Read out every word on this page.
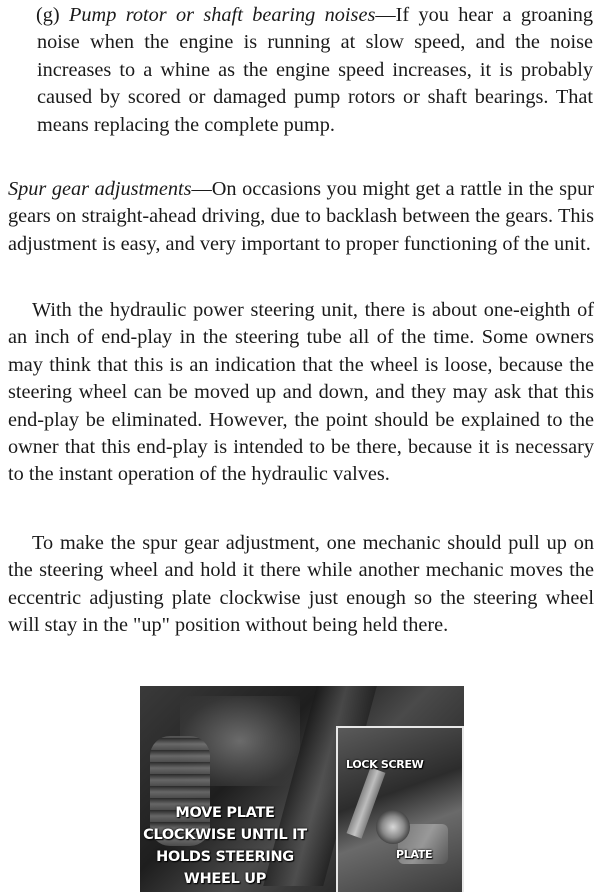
(g) Pump rotor or shaft bearing noises—If you hear a groaning noise when the engine is running at slow speed, and the noise increases to a whine as the engine speed increases, it is probably caused by scored or damaged pump rotors or shaft bearings. That means replacing the complete pump.

Spur gear adjustments—On occasions you might get a rattle in the spur gears on straight-ahead driving, due to backlash between the gears. This adjustment is easy, and very important to proper functioning of the unit.

With the hydraulic power steering unit, there is about one-eighth of an inch of end-play in the steering tube all of the time. Some owners may think that this is an indication that the wheel is loose, because the steering wheel can be moved up and down, and they may ask that this end-play be eliminated. However, the point should be explained to the owner that this end-play is intended to be there, because it is necessary to the instant operation of the hydraulic valves.

To make the spur gear adjustment, one mechanic should pull up on the steering wheel and hold it there while another mechanic moves the eccentric adjusting plate clockwise just enough so the steering wheel will stay in the "up" position without being held there.

MOVE PLATE CLOCKWISE UNTIL IT HOLDS STEERING WHEEL UP
LOCK SCREW
PLATE
